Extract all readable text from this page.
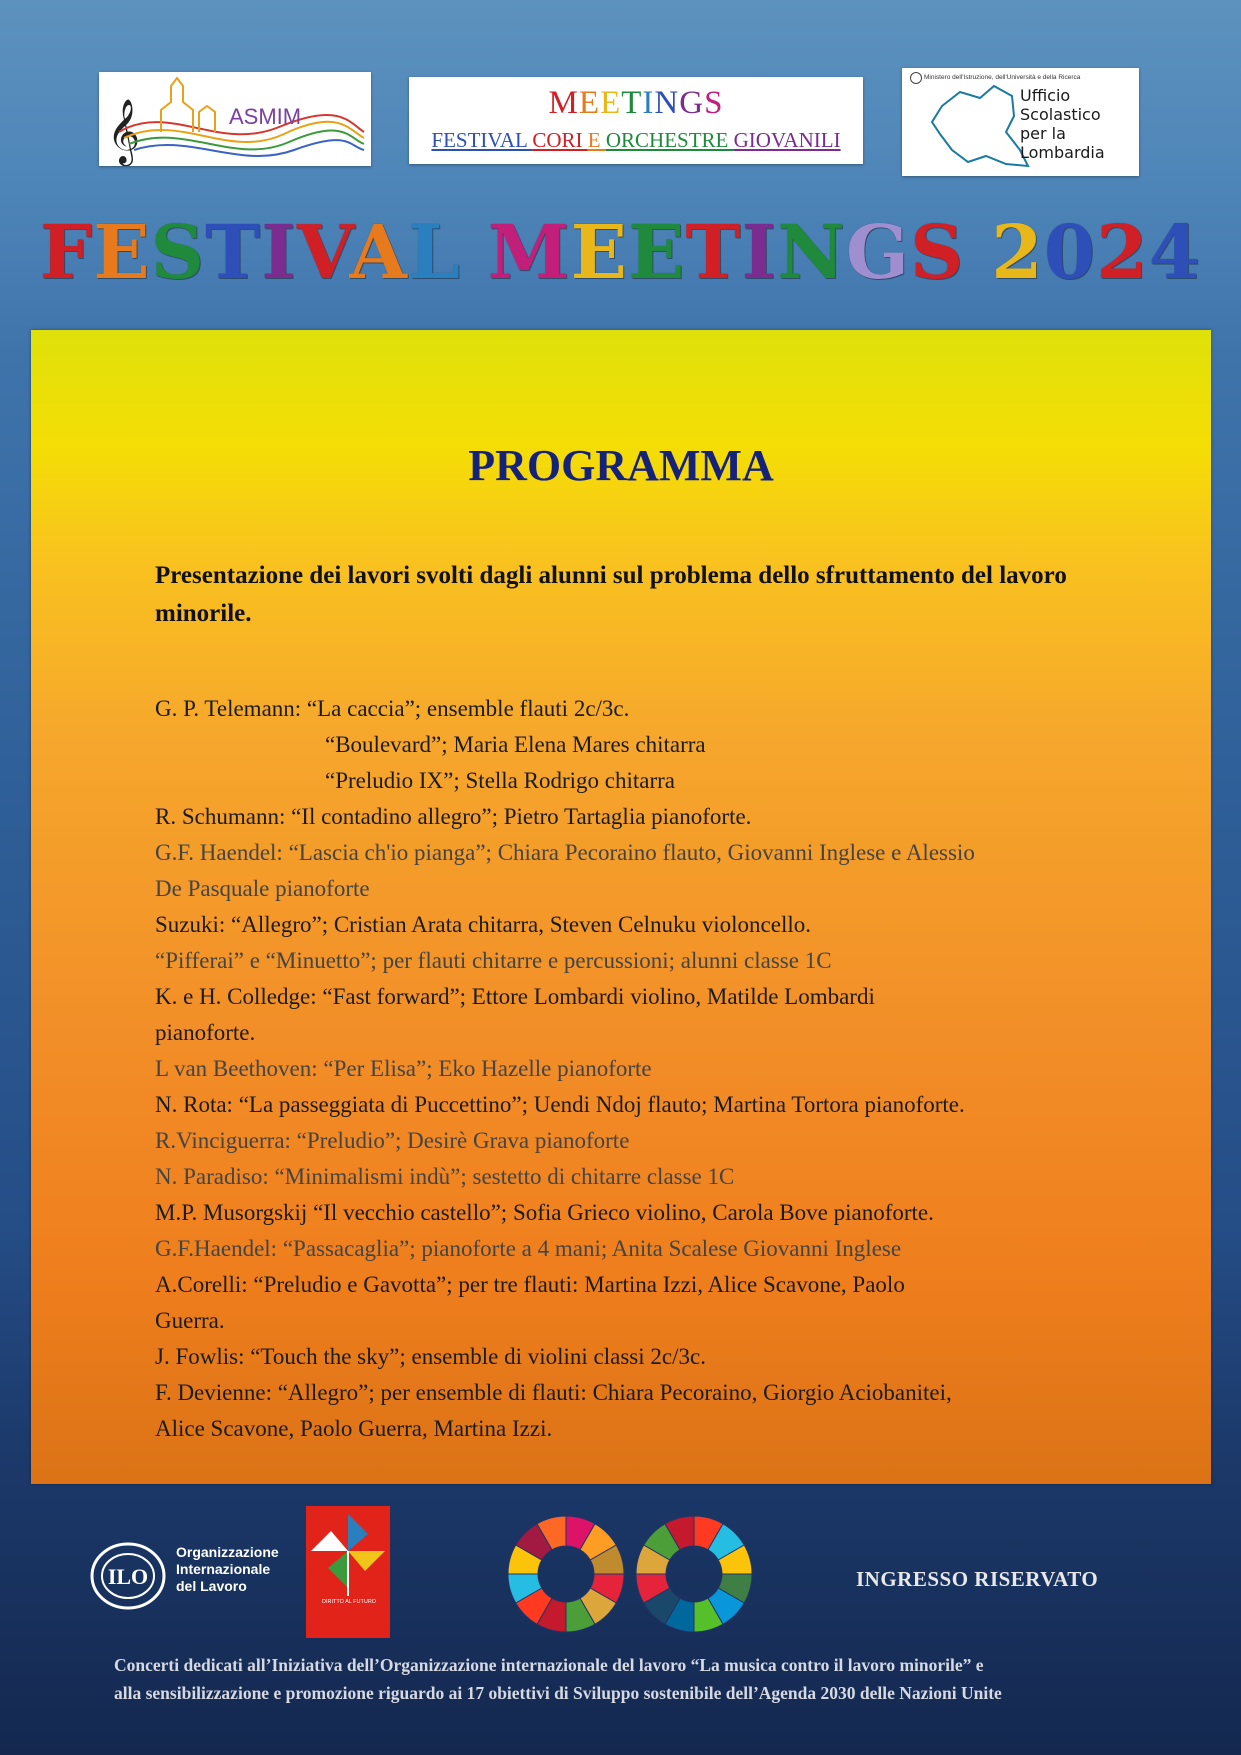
𝄞	ASMIM	MEETINGS
FESTIVAL CORI E ORCHESTRE GIOVANILI
Ministero dell'Istruzione, dell'Università e della Ricerca
Ufficio
Scolastico
per la
Lombardia
FESTIVAL MEETINGS 2024
PROGRAMMA

Presentazione dei lavori svolti dagli alunni sul problema dello sfruttamento del lavoro minorile.

G. P. Telemann: “La caccia”; ensemble flauti 2c/3c.
“Boulevard”; Maria Elena Mares chitarra
“Preludio IX”; Stella Rodrigo chitarra
R. Schumann: “Il contadino allegro”; Pietro Tartaglia pianoforte.
G.F. Haendel: “Lascia ch'io pianga”; Chiara Pecoraino flauto, Giovanni Inglese e Alessio
De Pasquale pianoforte
Suzuki: “Allegro”; Cristian Arata chitarra, Steven Celnuku violoncello.
“Pifferai” e “Minuetto”; per flauti chitarre e percussioni; alunni classe 1C
K. e H. Colledge: “Fast forward”; Ettore Lombardi violino, Matilde Lombardi
pianoforte.
L van Beethoven: “Per Elisa”; Eko Hazelle pianoforte
N. Rota: “La passeggiata di Puccettino”; Uendi Ndoj flauto; Martina Tortora pianoforte.
R.Vinciguerra: “Preludio”; Desirè Grava pianoforte
N. Paradiso: “Minimalismi indù”; sestetto di chitarre classe 1C
M.P. Musorgskij “Il vecchio castello”; Sofia Grieco violino, Carola Bove pianoforte.
G.F.Haendel: “Passacaglia”; pianoforte a 4 mani; Anita Scalese Giovanni Inglese
A.Corelli: “Preludio e Gavotta”; per tre flauti: Martina Izzi, Alice Scavone, Paolo
Guerra.
J. Fowlis: “Touch the sky”; ensemble di violini classi 2c/3c.
F. Devienne: “Allegro”; per ensemble di flauti: Chiara Pecoraino, Giorgio Aciobanitei,
Alice Scavone, Paolo Guerra, Martina Izzi.
ILO
Organizzazione
Internazionale
del Lavoro
DIRITTO AL FUTURO

INGRESSO RISERVATO

Concerti dedicati all’Iniziativa dell’Organizzazione internazionale del lavoro “La musica contro il lavoro minorile” e
alla sensibilizzazione e promozione riguardo ai 17 obiettivi di Sviluppo sostenibile dell’Agenda 2030 delle Nazioni Unite
